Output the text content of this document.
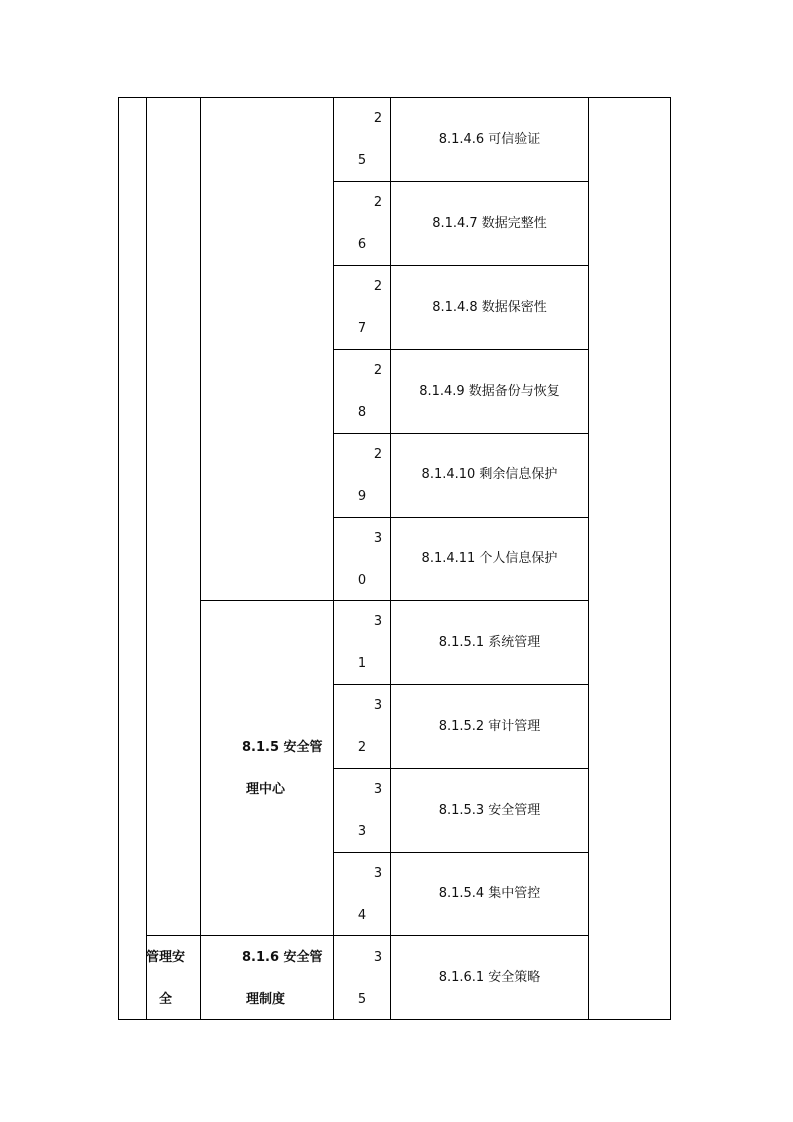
2
5
2
6
2
7
2
8
2
9
3
0
3
1
3
2
3
3
3
4
3
5
8.1.4.6 可信验证
8.1.4.7 数据完整性
8.1.4.8 数据保密性
8.1.4.9 数据备份与恢复
8.1.4.10 剩余信息保护
8.1.4.11 个人信息保护
8.1.5.1 系统管理
8.1.5.2 审计管理
8.1.5.3 安全管理
8.1.5.4 集中管控
8.1.6.1 安全策略
8.1.5 安全管
理中心
8.1.6 安全管
理制度
管理安
全
